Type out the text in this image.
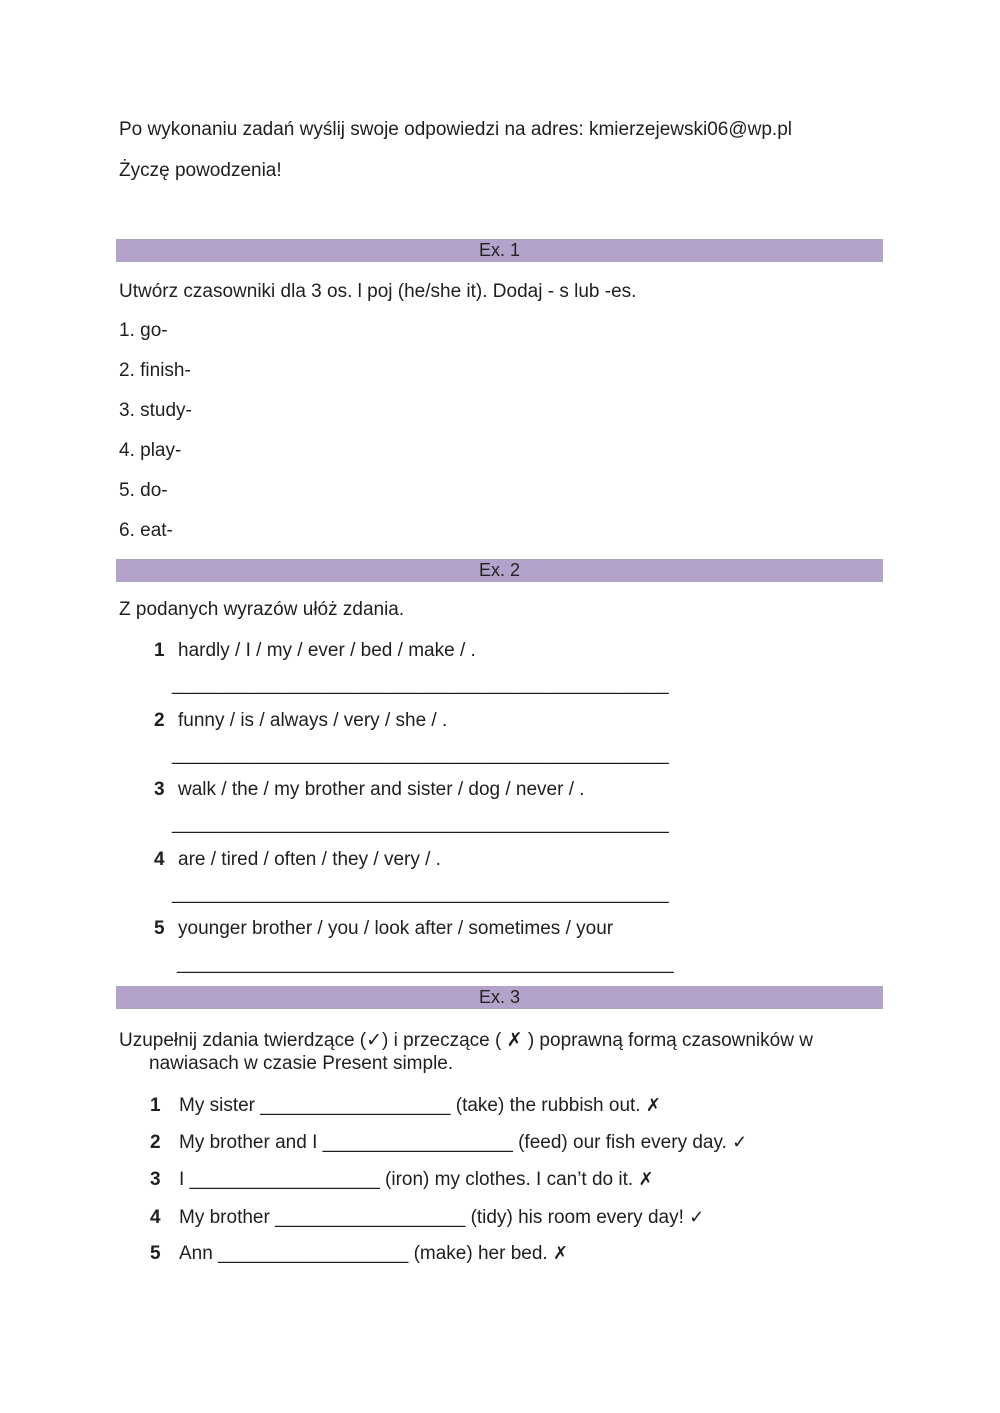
Po wykonaniu zadań wyślij swoje odpowiedzi na adres: kmierzejewski06@wp.pl
Życzę powodzenia!
Ex. 1
Utwórz czasowniki dla 3 os. l poj (he/she it). Dodaj - s lub -es.
1. go-
2. finish-
3. study-
4. play-
5. do-
6. eat-
Ex. 2
Z podanych wyrazów ułóż zdania.
1 hardly / I / my / ever / bed / make / .
_______________________________________________
2 funny / is / always / very / she / .
_______________________________________________
3 walk / the / my brother and sister / dog / never / .
_______________________________________________
4 are / tired / often / they / very / .
_______________________________________________
5 younger brother / you / look after / sometimes / your
_______________________________________________
Ex. 3
Uzupełnij zdania twierdzące (✓) i przeczące ( ✗ ) poprawną formą czasowników w
nawiasach w czasie Present simple.
1 My sister __________________ (take) the rubbish out. ✗
2 My brother and I __________________ (feed) our fish every day. ✓
3 I __________________ (iron) my clothes. I can’t do it. ✗
4 My brother __________________ (tidy) his room every day! ✓
5 Ann __________________ (make) her bed. ✗
